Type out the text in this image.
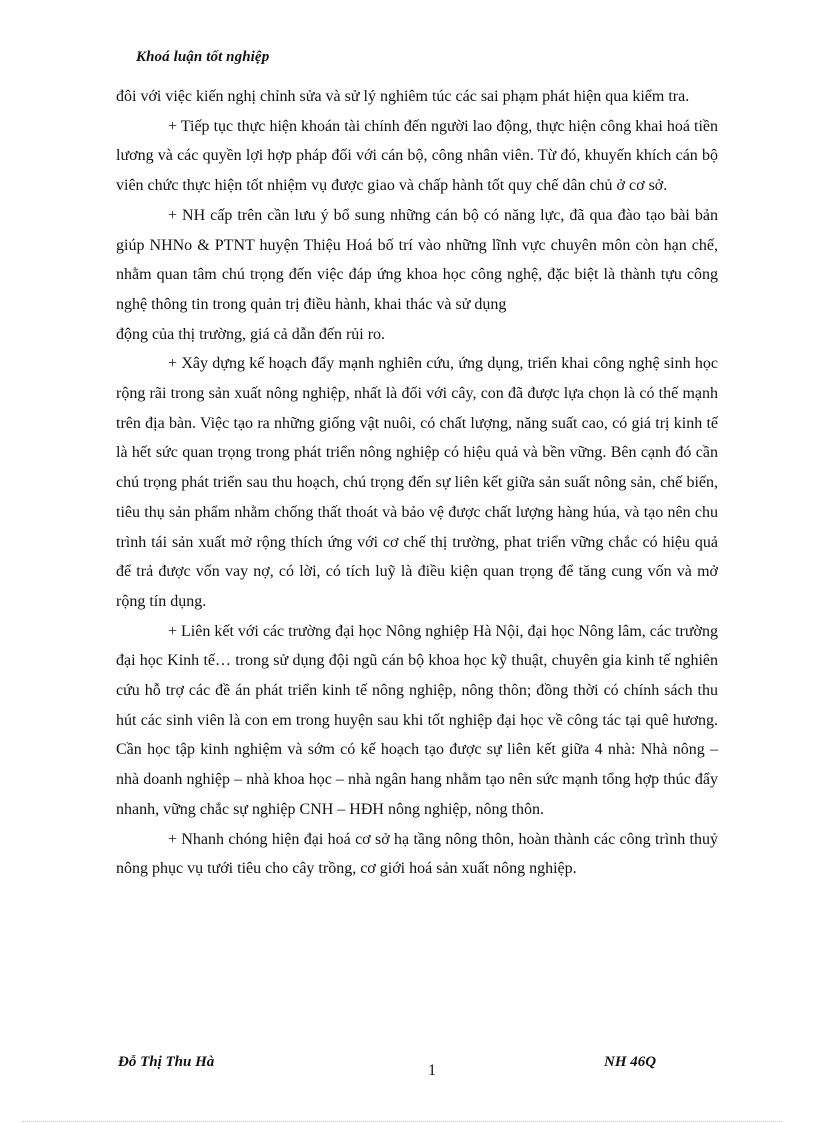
Khoá luận tốt nghiệp

đôi với việc kiến nghị chỉnh sửa và sử lý nghiêm túc các sai phạm phát hiện qua kiểm tra.

+ Tiếp tục thực hiện khoán tài chính đến người lao động, thực hiện công khai hoá tiền lương và các quyền lợi hợp pháp đối với cán bộ, công nhân viên. Từ đó, khuyến khích cán bộ viên chức thực hiện tốt nhiệm vụ được giao và chấp hành tốt quy chế dân chủ ở cơ sở.

+ NH cấp trên cần lưu ý bổ sung những cán bộ có năng lực, đã qua đào tạo bài bản giúp NHNo & PTNT huyện Thiệu Hoá bố trí vào những lĩnh vực chuyên môn còn hạn chế, nhằm quan tâm chú trọng đến việc đáp ứng khoa học công nghệ, đặc biệt là thành tựu công nghệ thông tin trong quản trị điều hành, khai thác và sử dụng

động của thị trường, giá cả dẫn đến rủi ro.

+ Xây dựng kế hoạch đẩy mạnh nghiên cứu, ứng dụng, triển khai công nghệ sinh học rộng rãi trong sản xuất nông nghiệp, nhất là đối với cây, con đã được lựa chọn là có thế mạnh trên địa bàn. Việc tạo ra những giống vật nuôi, có chất lượng, năng suất cao, có giá trị kinh tế là hết sức quan trọng trong phát triển nông nghiệp có hiệu quả và bền vững. Bên cạnh đó cần chú trọng phát triển sau thu hoạch, chú trọng đến sự liên kết giữa sản suất nông sản, chế biến, tiêu thụ sản phẩm nhằm chống thất thoát và bảo vệ được chất lượng hàng húa, và tạo nên chu trình tái sản xuất mở rộng thích ứng với cơ chế thị trường, phat triển vững chắc có hiệu quả để trả được vốn vay nợ, có lời, có tích luỹ là điều kiện quan trọng để tăng cung vốn và mở rộng tín dụng.

+ Liên kết với các trường đại học Nông nghiệp Hà Nội, đại học Nông lâm, các trường đại học Kinh tế… trong sử dụng đội ngũ cán bộ khoa học kỹ thuật, chuyên gia kinh tế nghiên cứu hỗ trợ các đề án phát triển kinh tế nông nghiệp, nông thôn; đồng thời có chính sách thu hút các sinh viên là con em trong huyện sau khi tốt nghiệp đại học về công tác tại quê hương. Cần học tập kinh nghiệm và sớm có kế hoạch tạo được sự liên kết giữa 4 nhà: Nhà nông – nhà doanh nghiệp – nhà khoa học – nhà ngân hang nhằm tạo nên sức mạnh tổng hợp thúc đẩy nhanh, vững chắc sự nghiệp CNH – HĐH nông nghiệp, nông thôn.

+ Nhanh chóng hiện đại hoá cơ sở hạ tầng nông thôn, hoàn thành các công trình thuỷ nông phục vụ tưới tiêu cho cây trồng, cơ giới hoá sản xuất nông nghiệp.

Đỗ Thị Thu Hà	1	NH 46Q
